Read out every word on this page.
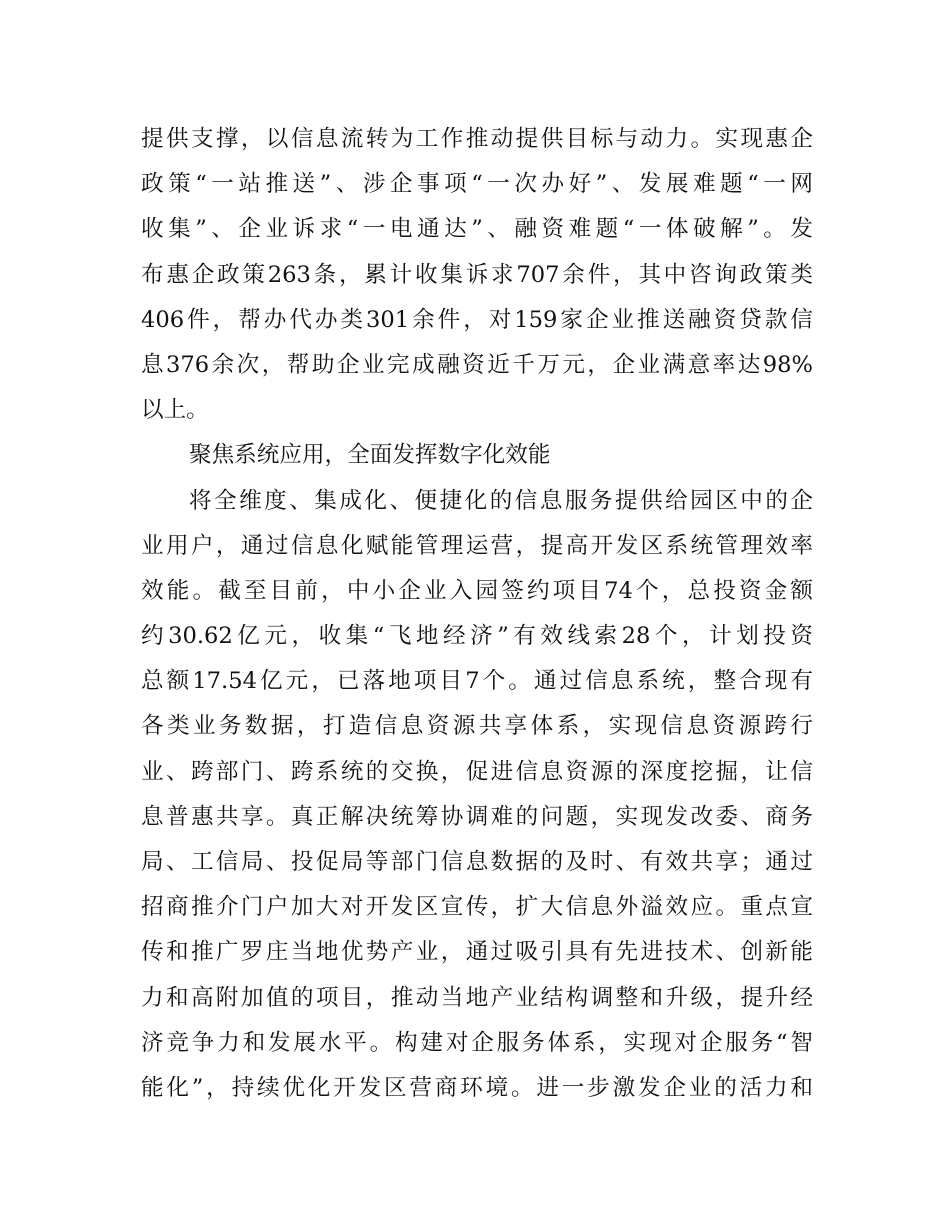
提供支撑，以信息流转为工作推动提供目标与动力。实现惠企
政策“一站推送”、涉企事项“一次办好”、发展难题“一网
收集”、企业诉求“一电通达”、融资难题“一体破解”。发
布惠企政策263条，累计收集诉求707余件，其中咨询政策类
406件，帮办代办类301余件，对159家企业推送融资贷款信
息376余次，帮助企业完成融资近千万元，企业满意率达98%
以上。
聚焦系统应用，全面发挥数字化效能
将全维度、集成化、便捷化的信息服务提供给园区中的企
业用户，通过信息化赋能管理运营，提高开发区系统管理效率
效能。截至目前，中小企业入园签约项目74个，总投资金额
约30.62亿元，收集“飞地经济”有效线索28个，计划投资
总额17.54亿元，已落地项目7个。通过信息系统，整合现有
各类业务数据，打造信息资源共享体系，实现信息资源跨行
业、跨部门、跨系统的交换，促进信息资源的深度挖掘，让信
息普惠共享。真正解决统筹协调难的问题，实现发改委、商务
局、工信局、投促局等部门信息数据的及时、有效共享；通过
招商推介门户加大对开发区宣传，扩大信息外溢效应。重点宣
传和推广罗庄当地优势产业，通过吸引具有先进技术、创新能
力和高附加值的项目，推动当地产业结构调整和升级，提升经
济竞争力和发展水平。构建对企服务体系，实现对企服务“智
能化”，持续优化开发区营商环境。进一步激发企业的活力和
